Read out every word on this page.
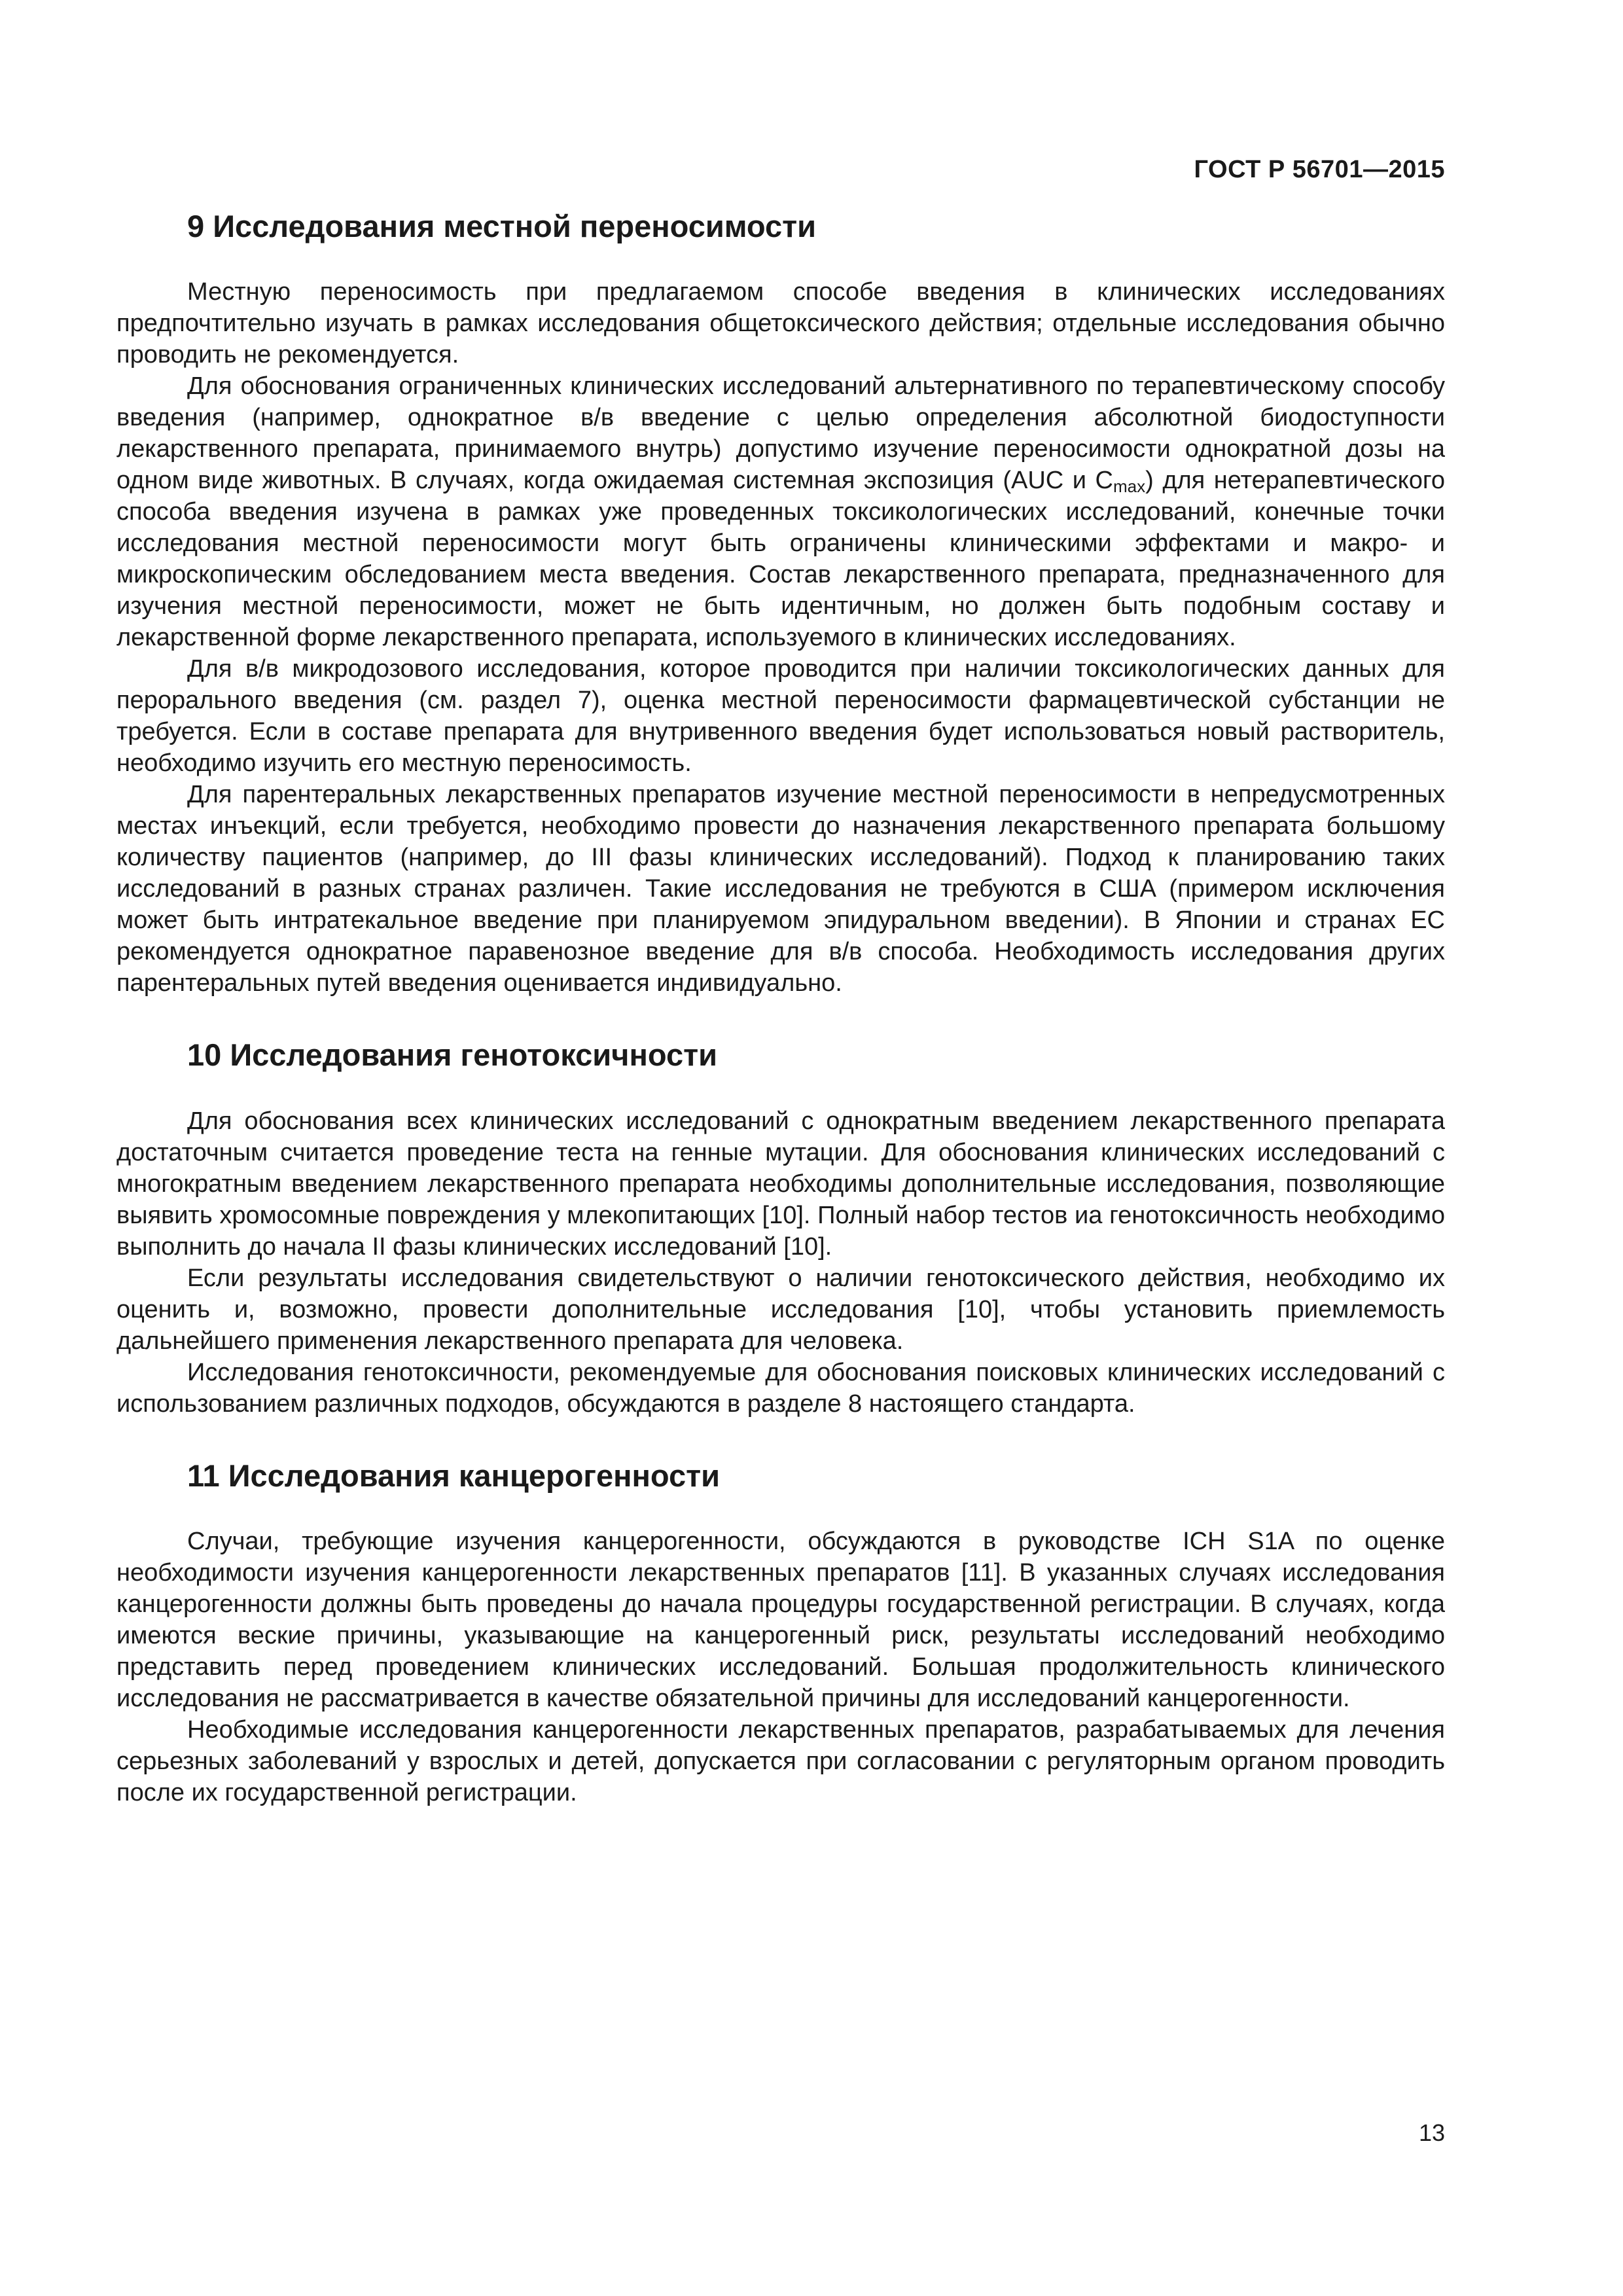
ГОСТ Р 56701—2015
9 Исследования местной переносимости

Местную переносимость при предлагаемом способе введения в клинических исследованиях предпочтительно изучать в рамках исследования общетоксического действия; отдельные исследования обычно проводить не рекомендуется.

Для обоснования ограниченных клинических исследований альтернативного по терапевтическому способу введения (например, однократное в/в введение с целью определения абсолютной биодоступности лекарственного препарата, принимаемого внутрь) допустимо изучение переносимости однократной дозы на одном виде животных. В случаях, когда ожидаемая системная экспозиция (AUC и $C_{max}$) для нетерапевтического способа введения изучена в рамках уже проведенных токсикологических исследований, конечные точки исследования местной переносимости могут быть ограничены клиническими эффектами и макро- и микроскопическим обследованием места введения. Состав лекарственного препарата, предназначенного для изучения местной переносимости, может не быть идентичным, но должен быть подобным составу и лекарственной форме лекарственного препарата, используемого в клинических исследованиях.

Для в/в микродозового исследования, которое проводится при наличии токсикологических данных для перорального введения (см. раздел 7), оценка местной переносимости фармацевтической субстанции не требуется. Если в составе препарата для внутривенного введения будет использоваться новый растворитель, необходимо изучить его местную переносимость.

Для парентеральных лекарственных препаратов изучение местной переносимости в непредусмотренных местах инъекций, если требуется, необходимо провести до назначения лекарственного препарата большому количеству пациентов (например, до III фазы клинических исследований). Подход к планированию таких исследований в разных странах различен. Такие исследования не требуются в США (примером исключения может быть интратекальное введение при планируемом эпидуральном введении). В Японии и странах ЕС рекомендуется однократное паравенозное введение для в/в способа. Необходимость исследования других парентеральных путей введения оценивается индивидуально.

10 Исследования генотоксичности

Для обоснования всех клинических исследований с однократным введением лекарственного препарата достаточным считается проведение теста на генные мутации. Для обоснования клинических исследований с многократным введением лекарственного препарата необходимы дополнительные исследования, позволяющие выявить хромосомные повреждения у млекопитающих [10]. Полный набор тестов иа генотоксичность необходимо выполнить до начала II фазы клинических исследований [10].

Если результаты исследования свидетельствуют о наличии генотоксического действия, необходимо их оценить и, возможно, провести дополнительные исследования [10], чтобы установить приемлемость дальнейшего применения лекарственного препарата для человека.

Исследования генотоксичности, рекомендуемые для обоснования поисковых клинических исследований с использованием различных подходов, обсуждаются в разделе 8 настоящего стандарта.

11 Исследования канцерогенности

Случаи, требующие изучения канцерогенности, обсуждаются в руководстве ICH S1A по оценке необходимости изучения канцерогенности лекарственных препаратов [11]. В указанных случаях исследования канцерогенности должны быть проведены до начала процедуры государственной регистрации. В случаях, когда имеются веские причины, указывающие на канцерогенный риск, результаты исследований необходимо представить перед проведением клинических исследований. Большая продолжительность клинического исследования не рассматривается в качестве обязательной причины для исследований канцерогенности.

Необходимые исследования канцерогенности лекарственных препаратов, разрабатываемых для лечения серьезных заболеваний у взрослых и детей, допускается при согласовании с регуляторным органом проводить после их государственной регистрации.

13
